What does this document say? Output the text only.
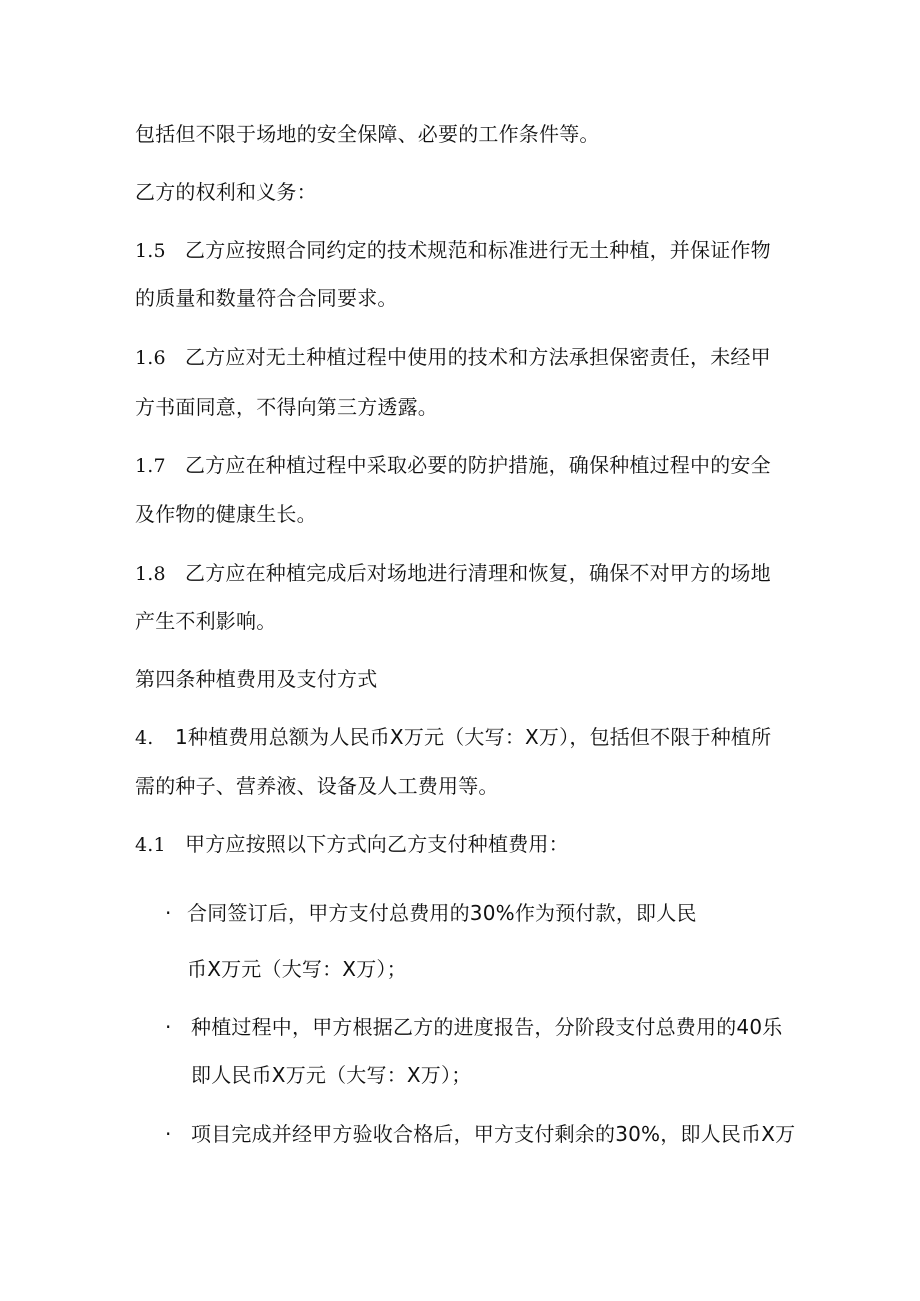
包括但不限于场地的安全保障、必要的工作条件等。
乙方的权利和义务：
1.5 乙方应按照合同约定的技术规范和标准进行无土种植，并保证作物
的质量和数量符合合同要求。
1.6 乙方应对无土种植过程中使用的技术和方法承担保密责任，未经甲
方书面同意，不得向第三方透露。
1.7 乙方应在种植过程中采取必要的防护措施，确保种植过程中的安全
及作物的健康生长。
1.8 乙方应在种植完成后对场地进行清理和恢复，确保不对甲方的场地
产生不利影响。
第四条种植费用及支付方式
4. 1种植费用总额为人民币X万元（大写：X万），包括但不限于种植所
需的种子、营养液、设备及人工费用等。
4.1 甲方应按照以下方式向乙方支付种植费用：
· 合同签订后，甲方支付总费用的30%作为预付款，即人民
币X万元（大写：X万）；
· 种植过程中，甲方根据乙方的进度报告，分阶段支付总费用的40乐
即人民币X万元（大写：X万）；
· 项目完成并经甲方验收合格后，甲方支付剩余的30%，即人民币X万
